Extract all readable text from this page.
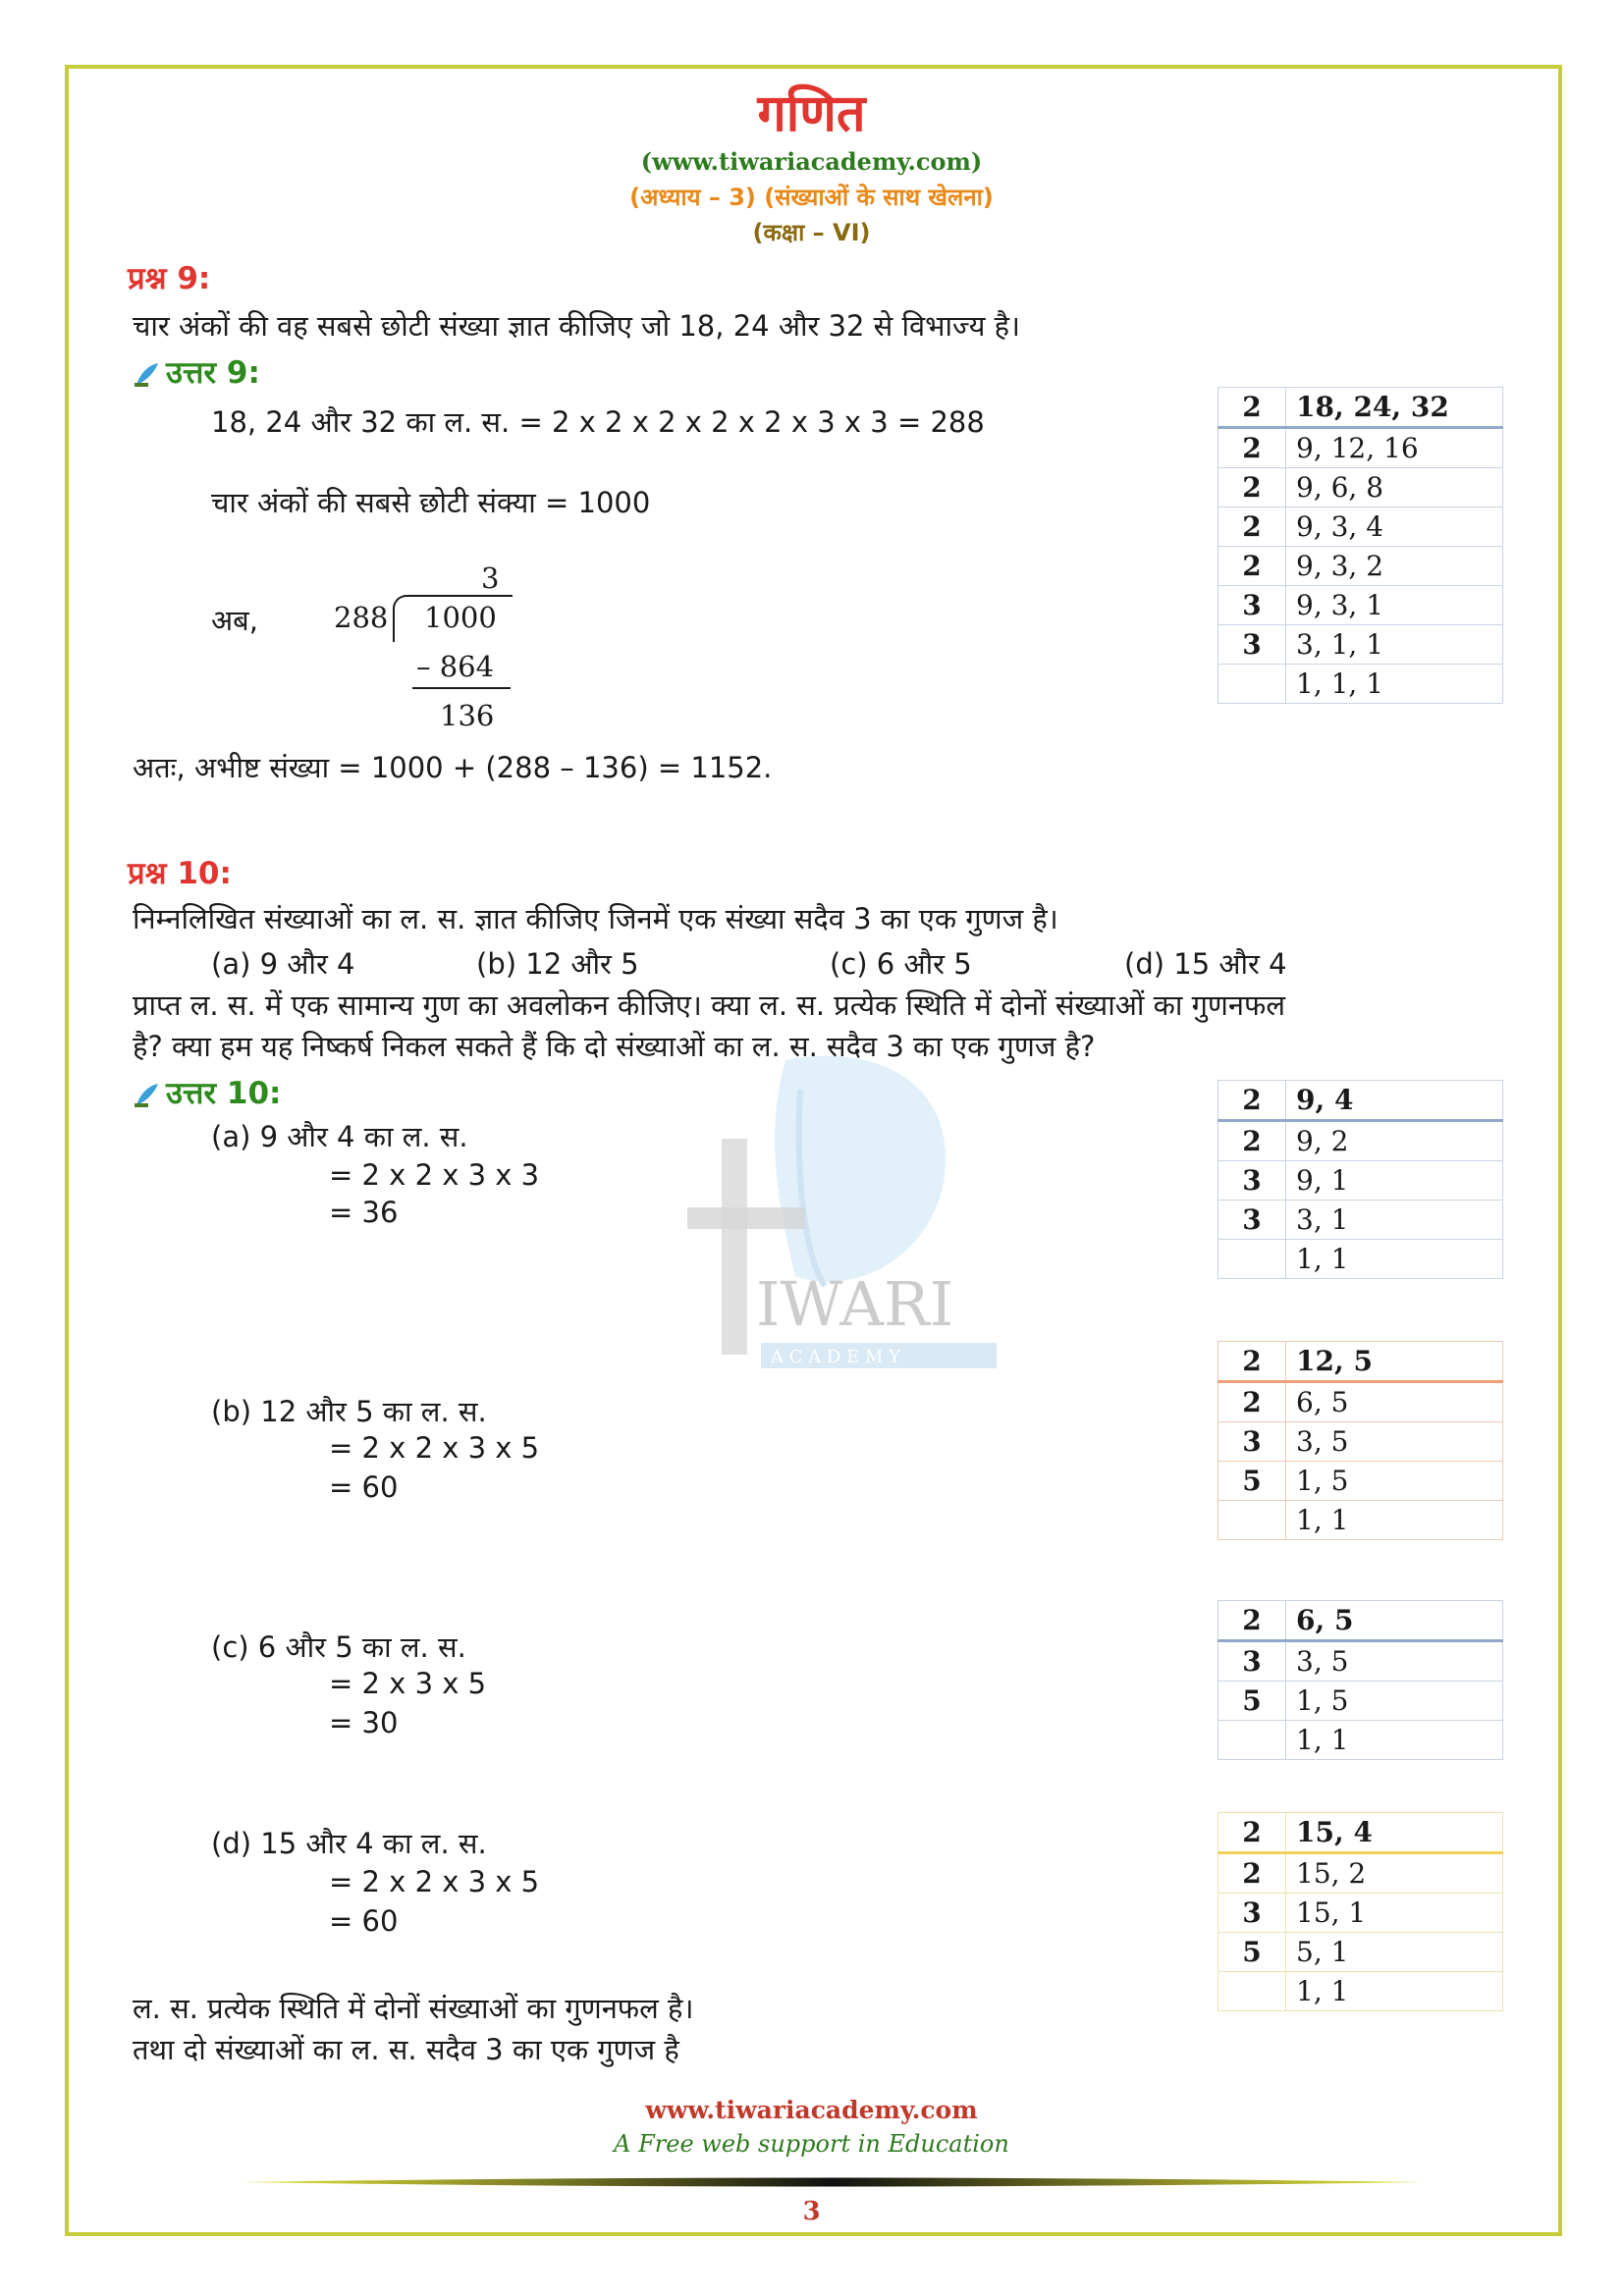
IWARI
A C A D E M Y
गणित
(www.tiwariacademy.com)
(अध्याय – 3) (संख्याओं के साथ खेलना)
(कक्षा – VI)
प्रश्न 9:
चार अंकों की वह सबसे छोटी संख्या ज्ञात कीजिए जो 18, 24 और 32 से विभाज्य है।
उत्तर 9:
18, 24 और 32 का ल. स. = 2 x 2 x 2 x 2 x 2 x 3 x 3 = 288
चार अंकों की सबसे छोटी संक्या = 1000
अब,
3
288 1000
– 864
136
अतः, अभीष्ट संख्या = 1000 + (288 – 136) = 1152.
2	18, 24, 32
2	9, 12, 16
2	9, 6, 8
2	9, 3, 4
2	9, 3, 2
3	9, 3, 1
3	3, 1, 1
	1, 1, 1
प्रश्न 10:
निम्नलिखित संख्याओं का ल. स. ज्ञात कीजिए जिनमें एक संख्या सदैव 3 का एक गुणज है।
(a) 9 और 4	(b) 12 और 5	(c) 6 और 5	(d) 15 और 4
प्राप्त ल. स. में एक सामान्य गुण का अवलोकन कीजिए। क्या ल. स. प्रत्येक स्थिति में दोनों संख्याओं का गुणनफल
है? क्या हम यह निष्कर्ष निकल सकते हैं कि दो संख्याओं का ल. स. सदैव 3 का एक गुणज है?
उत्तर 10:
(a) 9 और 4 का ल. स.
= 2 x 2 x 3 x 3
= 36
2	9, 4
2	9, 2
3	9, 1
3	3, 1
	1, 1
(b) 12 और 5 का ल. स.
= 2 x 2 x 3 x 5
= 60
2	12, 5
2	6, 5
3	3, 5
5	1, 5
	1, 1
(c) 6 और 5 का ल. स.
= 2 x 3 x 5
= 30
2	6, 5
3	3, 5
5	1, 5
	1, 1
(d) 15 और 4 का ल. स.
= 2 x 2 x 3 x 5
= 60
2	15, 4
2	15, 2
3	15, 1
5	5, 1
	1, 1
ल. स. प्रत्येक स्थिति में दोनों संख्याओं का गुणनफल है।
तथा दो संख्याओं का ल. स. सदैव 3 का एक गुणज है
www.tiwariacademy.com
A Free web support in Education
3
